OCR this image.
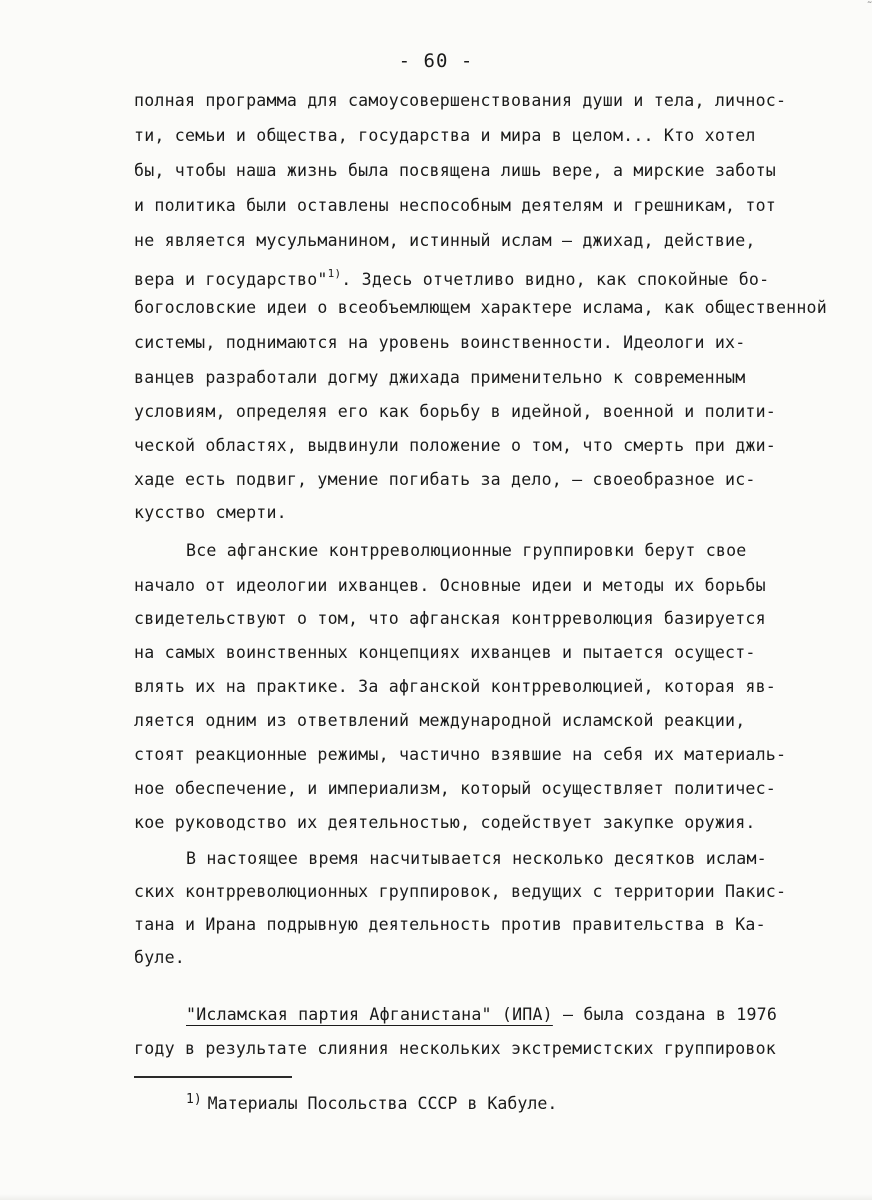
- 60 -
полная программа для самоусовершенствования души и тела, личнос-
ти, семьи и общества, государства и мира в целом... Кто хотел
бы, чтобы наша жизнь была посвящена лишь вере, а мирские заботы
и политика были оставлены неспособным деятелям и грешникам, тот
не является мусульманином, истинный ислам – джихад, действие,
вера и государство"$^{1)}$. Здесь отчетливо видно, как спокойные бо-
богословские идеи о всеобъемлющем характере ислама, как общественной
системы, поднимаются на уровень воинственности. Идеологи их-
ванцев разработали догму джихада применительно к современным
условиям, определяя его как борьбу в идейной, военной и полити-
ческой областях, выдвинули положение о том, что смерть при джи-
хаде есть подвиг, умение погибать за дело, – своеобразное ис-
кусство смерти.
Все афганские контрреволюционные группировки берут свое
начало от идеологии ихванцев. Основные идеи и методы их борьбы
свидетельствуют о том, что афганская контрреволюция базируется
на самых воинственных концепциях ихванцев и пытается осущест-
влять их на практике. За афганской контрреволюцией, которая яв-
ляется одним из ответвлений международной исламской реакции,
стоят реакционные режимы, частично взявшие на себя их материаль-
ное обеспечение, и империализм, который осуществляет политичес-
кое руководство их деятельностью, содействует закупке оружия.
В настоящее время насчитывается несколько десятков ислам-
ских контрреволюционных группировок, ведущих с территории Пакис-
тана и Ирана подрывную деятельность против правительства в Ка-
буле.
"Исламская партия Афганистана" (ИПА) – была создана в 1976
году в результате слияния нескольких экстремистских группировок
$^{1)}$ Материалы Посольства СССР в Кабуле.
